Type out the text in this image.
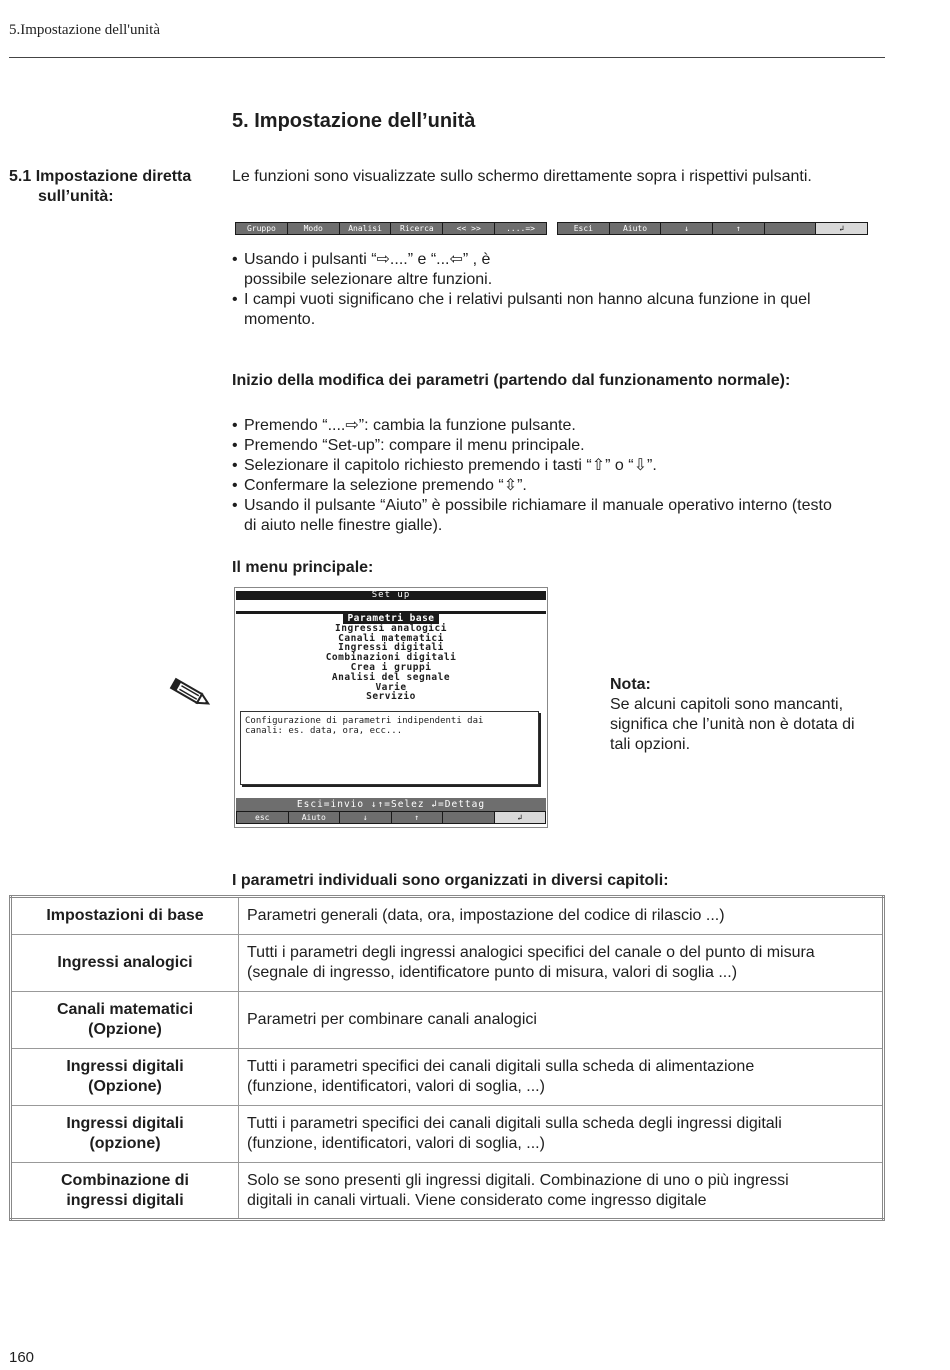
5.Impostazione dell'unità
5. Impostazione dell’unità
5.1 Impostazione diretta
sull’unità:
Le funzioni sono visualizzate sullo schermo direttamente sopra i rispettivi pulsanti.
Gruppo	Modo	Analisi	Ricerca	<< >>	....=>	Esci	Aiuto	↓	↑	↲
• Usando i pulsanti “⇨....” e “...⇦” , è
possibile selezionare altre funzioni.
• I campi vuoti significano che i relativi pulsanti non hanno alcuna funzione in quel
momento.
Inizio della modifica dei parametri (partendo dal funzionamento normale):
• Premendo “....⇨”: cambia la funzione pulsante.
• Premendo “Set-up”: compare il menu principale.
• Selezionare il capitolo richiesto premendo i tasti “⇧” o “⇩”.
• Confermare la selezione premendo “⇳”.
• Usando il pulsante “Aiuto” è possibile richiamare il manuale operativo interno (testo
di aiuto nelle finestre gialle).
Il menu principale:
Set up
Parametri base
Ingressi analogici
Canali matematici
Ingressi digitali
Combinazioni digitali
Crea i gruppi
Analisi del segnale
Varie
Servizio
Configurazione di parametri indipendenti dai
canali: es. data, ora, ecc...
Esci=invio ↓↑=Selez ↲=Dettag
esc	Aiuto	↓	↑	↲
Nota:
Se alcuni capitoli sono mancanti,
significa che l’unità non è dotata di
tali opzioni.
I parametri individuali sono organizzati in diversi capitoli:
Impostazioni di base	Parametri generali (data, ora, impostazione del codice di rilascio ...)
Ingressi analogici	Tutti i parametri degli ingressi analogici specifici del canale o del punto di misura
(segnale di ingresso, identificatore punto di misura, valori di soglia ...)
Canali matematici
(Opzione)	Parametri per combinare canali analogici
Ingressi digitali
(Opzione)	Tutti i parametri specifici dei canali digitali sulla scheda di alimentazione
(funzione, identificatori, valori di soglia, ...)
Ingressi digitali
(opzione)	Tutti i parametri specifici dei canali digitali sulla scheda degli ingressi digitali
(funzione, identificatori, valori di soglia, ...)
Combinazione di
ingressi digitali	Solo se sono presenti gli ingressi digitali. Combinazione di uno o più ingressi
digitali in canali virtuali. Viene considerato come ingresso digitale
160
